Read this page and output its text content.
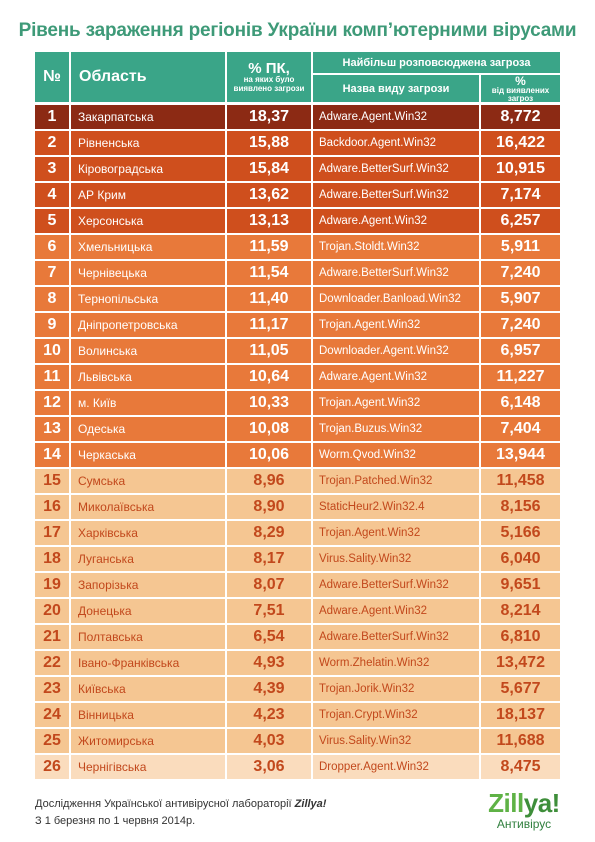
Рівень зараження регіонів України комп’ютерними вірусами
№	Область	% ПК,
на яких було виявлено загрози
Найбільш розповсюджена загроза
Назва виду загрози
%
від виявлених загроз
1	Закарпатська	18,37	Adware.Agent.Win32	8,772
2	Рівненська	15,88	Backdoor.Agent.Win32	16,422
3	Кіровоградська	15,84	Adware.BetterSurf.Win32	10,915
4	АР Крим	13,62	Adware.BetterSurf.Win32	7,174
5	Херсонська	13,13	Adware.Agent.Win32	6,257
6	Хмельницька	11,59	Trojan.Stoldt.Win32	5,911
7	Чернівецька	11,54	Adware.BetterSurf.Win32	7,240
8	Тернопільська	11,40	Downloader.Banload.Win32	5,907
9	Дніпропетровська	11,17	Trojan.Agent.Win32	7,240
10	Волинська	11,05	Downloader.Agent.Win32	6,957
11	Львівська	10,64	Adware.Agent.Win32	11,227
12	м. Київ	10,33	Trojan.Agent.Win32	6,148
13	Одеська	10,08	Trojan.Buzus.Win32	7,404
14	Черкаська	10,06	Worm.Qvod.Win32	13,944
15	Сумська	8,96	Trojan.Patched.Win32	11,458
16	Миколаївська	8,90	StaticHeur2.Win32.4	8,156
17	Харківська	8,29	Trojan.Agent.Win32	5,166
18	Луганська	8,17	Virus.Sality.Win32	6,040
19	Запорізька	8,07	Adware.BetterSurf.Win32	9,651
20	Донецька	7,51	Adware.Agent.Win32	8,214
21	Полтавська	6,54	Adware.BetterSurf.Win32	6,810
22	Івано-Франківська	4,93	Worm.Zhelatin.Win32	13,472
23	Київська	4,39	Trojan.Jorik.Win32	5,677
24	Вінницька	4,23	Trojan.Crypt.Win32	18,137
25	Житомирська	4,03	Virus.Sality.Win32	11,688
26	Чернігівська	3,06	Dropper.Agent.Win32	8,475
Дослідження Української антивірусної лабораторії Zillya!
З 1 березня по 1 червня 2014р.
Zillya!
Антивірус
